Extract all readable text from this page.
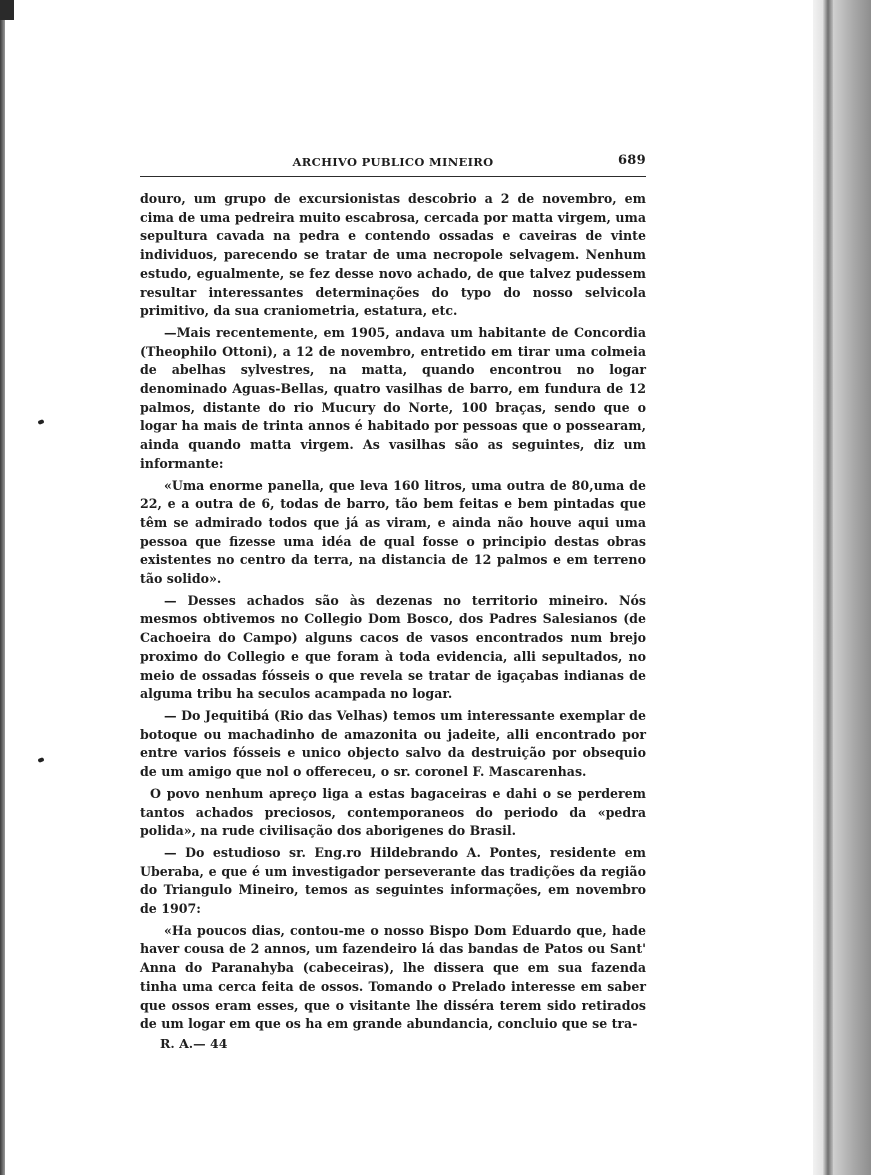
ARCHIVO PUBLICO MINEIRO	689

douro, um grupo de excursionistas descobrio a 2 de novembro, em cima de uma pedreira muito escabrosa, cercada por matta virgem, uma sepultura cavada na pedra e contendo ossadas e caveiras de vinte individuos, parecendo se tratar de uma necropole selvagem. Nenhum estudo, egualmente, se fez desse novo achado, de que talvez pudessem resultar interessantes determinações do typo do nosso selvicola primitivo, da sua craniometria, estatura, etc.

—Mais recentemente, em 1905, andava um habitante de Concordia (Theophilo Ottoni), a 12 de novembro, entretido em tirar uma colmeia de abelhas sylvestres, na matta, quando encontrou no logar denominado Aguas-Bellas, quatro vasilhas de barro, em fundura de 12 palmos, distante do rio Mucury do Norte, 100 braças, sendo que o logar ha mais de trinta annos é habitado por pessoas que o possearam, ainda quando matta virgem. As vasilhas são as seguintes, diz um informante:

«Uma enorme panella, que leva 160 litros, uma outra de 80,uma de 22, e a outra de 6, todas de barro, tão bem feitas e bem pintadas que têm se admirado todos que já as viram, e ainda não houve aqui uma pessoa que fizesse uma idéa de qual fosse o principio destas obras existentes no centro da terra, na distancia de 12 palmos e em terreno tão solido».

— Desses achados são às dezenas no territorio mineiro. Nós mesmos obtivemos no Collegio Dom Bosco, dos Padres Salesianos (de Cachoeira do Campo) alguns cacos de vasos encontrados num brejo proximo do Collegio e que foram à toda evidencia, alli sepultados, no meio de ossadas fósseis o que revela se tratar de igaçabas indianas de alguma tribu ha seculos acampada no logar.

— Do Jequitibá (Rio das Velhas) temos um interessante exemplar de botoque ou machadinho de amazonita ou jadeite, alli encontrado por entre varios fósseis e unico objecto salvo da destruição por obsequio de um amigo que nol o offereceu, o sr. coronel F. Mascarenhas.

O povo nenhum apreço liga a estas bagaceiras e dahi o se perderem tantos achados preciosos, contemporaneos do periodo da «pedra polida», na rude civilisação dos aborigenes do Brasil.

— Do estudioso sr. Eng.ro Hildebrando A. Pontes, residente em Uberaba, e que é um investigador perseverante das tradições da região do Triangulo Mineiro, temos as seguintes informações, em novembro de 1907:

«Ha poucos dias, contou-me o nosso Bispo Dom Eduardo que, hade haver cousa de 2 annos, um fazendeiro lá das bandas de Patos ou Sant' Anna do Paranahyba (cabeceiras), lhe dissera que em sua fazenda tinha uma cerca feita de ossos. Tomando o Prelado interesse em saber que ossos eram esses, que o visitante lhe disséra terem sido retirados de um logar em que os ha em grande abundancia, concluio que se tra-

R. A.— 44
